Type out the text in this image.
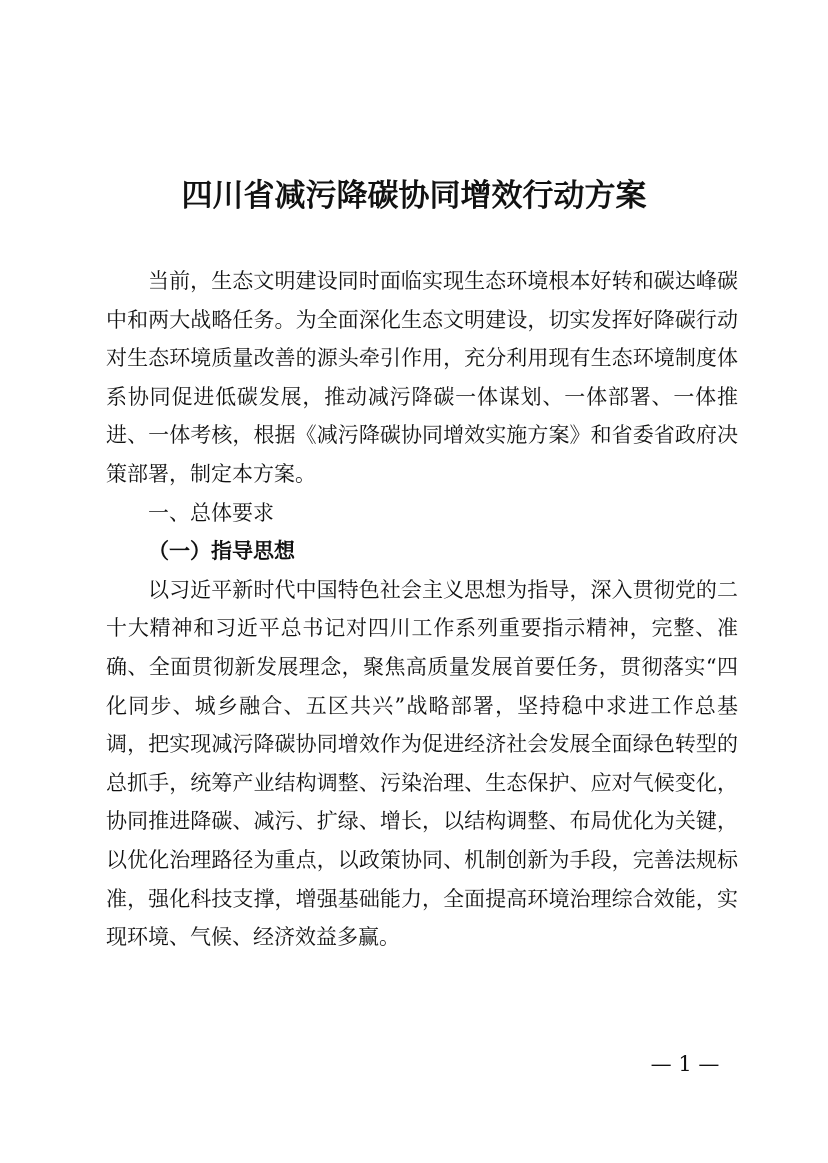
四川省减污降碳协同增效行动方案

当前，生态文明建设同时面临实现生态环境根本好转和碳达峰碳中和两大战略任务。为全面深化生态文明建设，切实发挥好降碳行动对生态环境质量改善的源头牵引作用，充分利用现有生态环境制度体系协同促进低碳发展，推动减污降碳一体谋划、一体部署、一体推进、一体考核，根据《减污降碳协同增效实施方案》和省委省政府决策部署，制定本方案。

一、总体要求

（一）指导思想

以习近平新时代中国特色社会主义思想为指导，深入贯彻党的二十大精神和习近平总书记对四川工作系列重要指示精神，完整、准确、全面贯彻新发展理念，聚焦高质量发展首要任务，贯彻落实“四化同步、城乡融合、五区共兴”战略部署，坚持稳中求进工作总基调，把实现减污降碳协同增效作为促进经济社会发展全面绿色转型的总抓手，统筹产业结构调整、污染治理、生态保护、应对气候变化，协同推进降碳、减污、扩绿、增长，以结构调整、布局优化为关键，以优化治理路径为重点，以政策协同、机制创新为手段，完善法规标准，强化科技支撑，增强基础能力，全面提高环境治理综合效能，实现环境、气候、经济效益多赢。

— 1 —
